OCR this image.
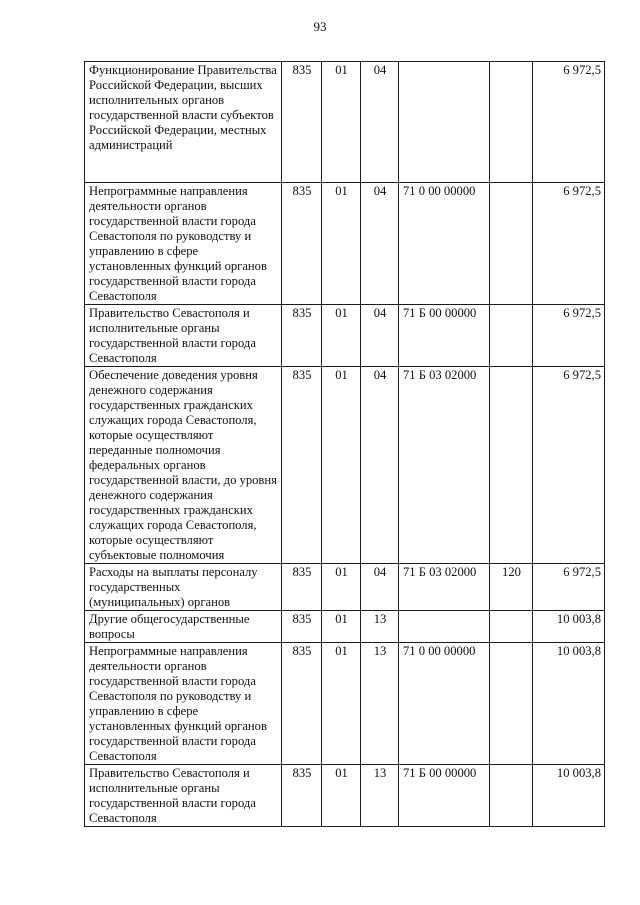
93
Функционирование Правительства Российской Федерации, высших исполнительных органов государственной власти субъектов Российской Федерации, местных администраций	835	01	04			6 972,5
Непрограммные направления деятельности органов государственной власти города Севастополя по руководству и управлению в сфере установленных функций органов государственной власти города Севастополя	835	01	04	71 0 00 00000		6 972,5
Правительство Севастополя и исполнительные органы государственной власти города Севастополя	835	01	04	71 Б 00 00000		6 972,5
Обеспечение доведения уровня денежного содержания государственных гражданских служащих города Севастополя, которые осуществляют переданные полномочия федеральных органов государственной власти, до уровня денежного содержания государственных гражданских служащих города Севастополя, которые осуществляют субъектовые полномочия	835	01	04	71 Б 03 02000		6 972,5
Расходы на выплаты персоналу государственных (муниципальных) органов	835	01	04	71 Б 03 02000	120	6 972,5
Другие общегосударственные вопросы	835	01	13			10 003,8
Непрограммные направления деятельности органов государственной власти города Севастополя по руководству и управлению в сфере установленных функций органов государственной власти города Севастополя	835	01	13	71 0 00 00000		10 003,8
Правительство Севастополя и исполнительные органы государственной власти города Севастополя	835	01	13	71 Б 00 00000		10 003,8
